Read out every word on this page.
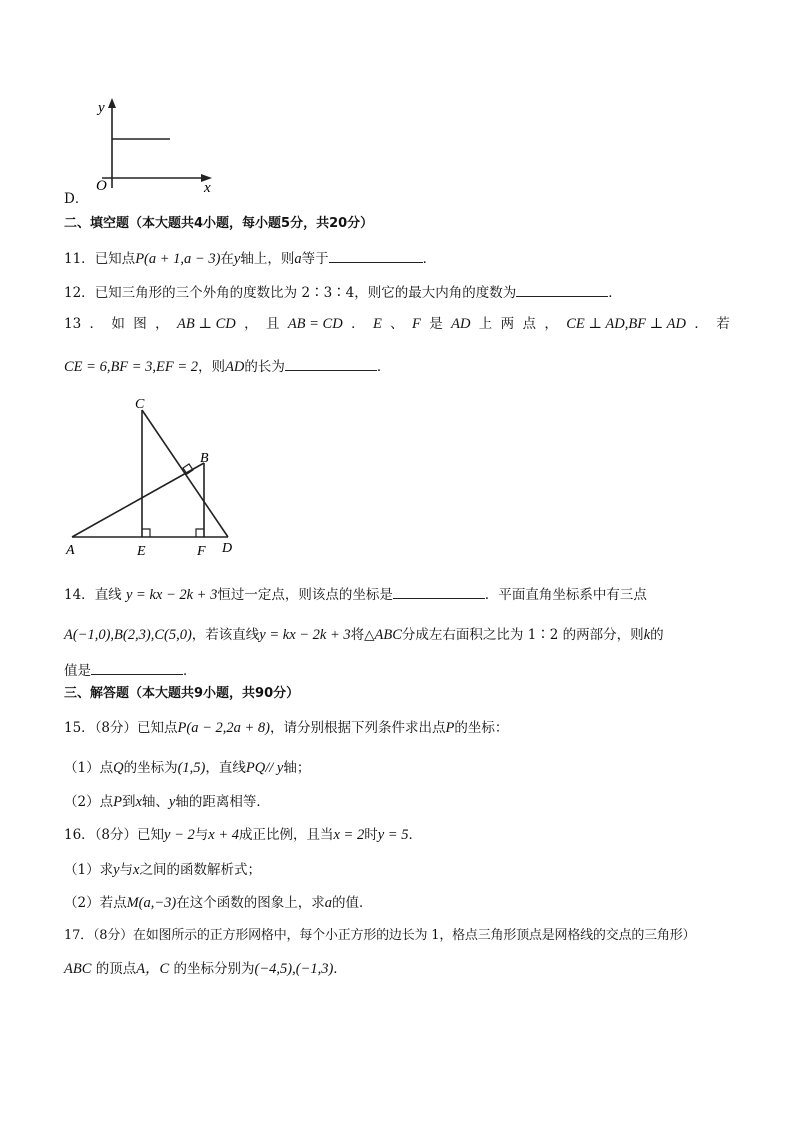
y
x
O
D．
二、填空题（本大题共4小题，每小题5分，共20分）
11．已知点P(a + 1,a − 3)在y轴上，则a等于	．
12．已知三角形的三个外角的度数比为 2∶3∶4，则它的最大内角的度数为	．
13 ． 如 图 ， AB ⊥ CD ， 且 AB = CD ． E 、 F 是 AD 上 两 点 ， CE ⊥ AD,BF ⊥ AD ． 若
CE = 6,BF = 3,EF = 2，则AD的长为	．
C
B
A	E	F D
14．直线 y = kx − 2k + 3恒过一定点，则该点的坐标是	．平面直角坐标系中有三点
A(−1,0),B(2,3),C(5,0)，若该直线y = kx − 2k + 3将△ABC分成左右面积之比为 1∶2 的两部分，则k的
值是	．
三、解答题（本大题共9小题，共90分）
15．（8分）已知点P(a − 2,2a + 8)，请分别根据下列条件求出点P的坐标：
（1）点Q的坐标为(1,5)，直线PQ// y轴；
（2）点P到x轴、y轴的距离相等．
16．（8分）已知y − 2与x + 4成正比例，且当x = 2时y = 5．
（1）求y与x之间的函数解析式；
（2）若点M(a,−3)在这个函数的图象上，求a的值．
17．（8分）在如图所示的正方形网格中，每个小正方形的边长为 1，格点三角形顶点是网格线的交点的三角形）
ABC 的顶点A，C 的坐标分别为(−4,5),(−1,3)．
